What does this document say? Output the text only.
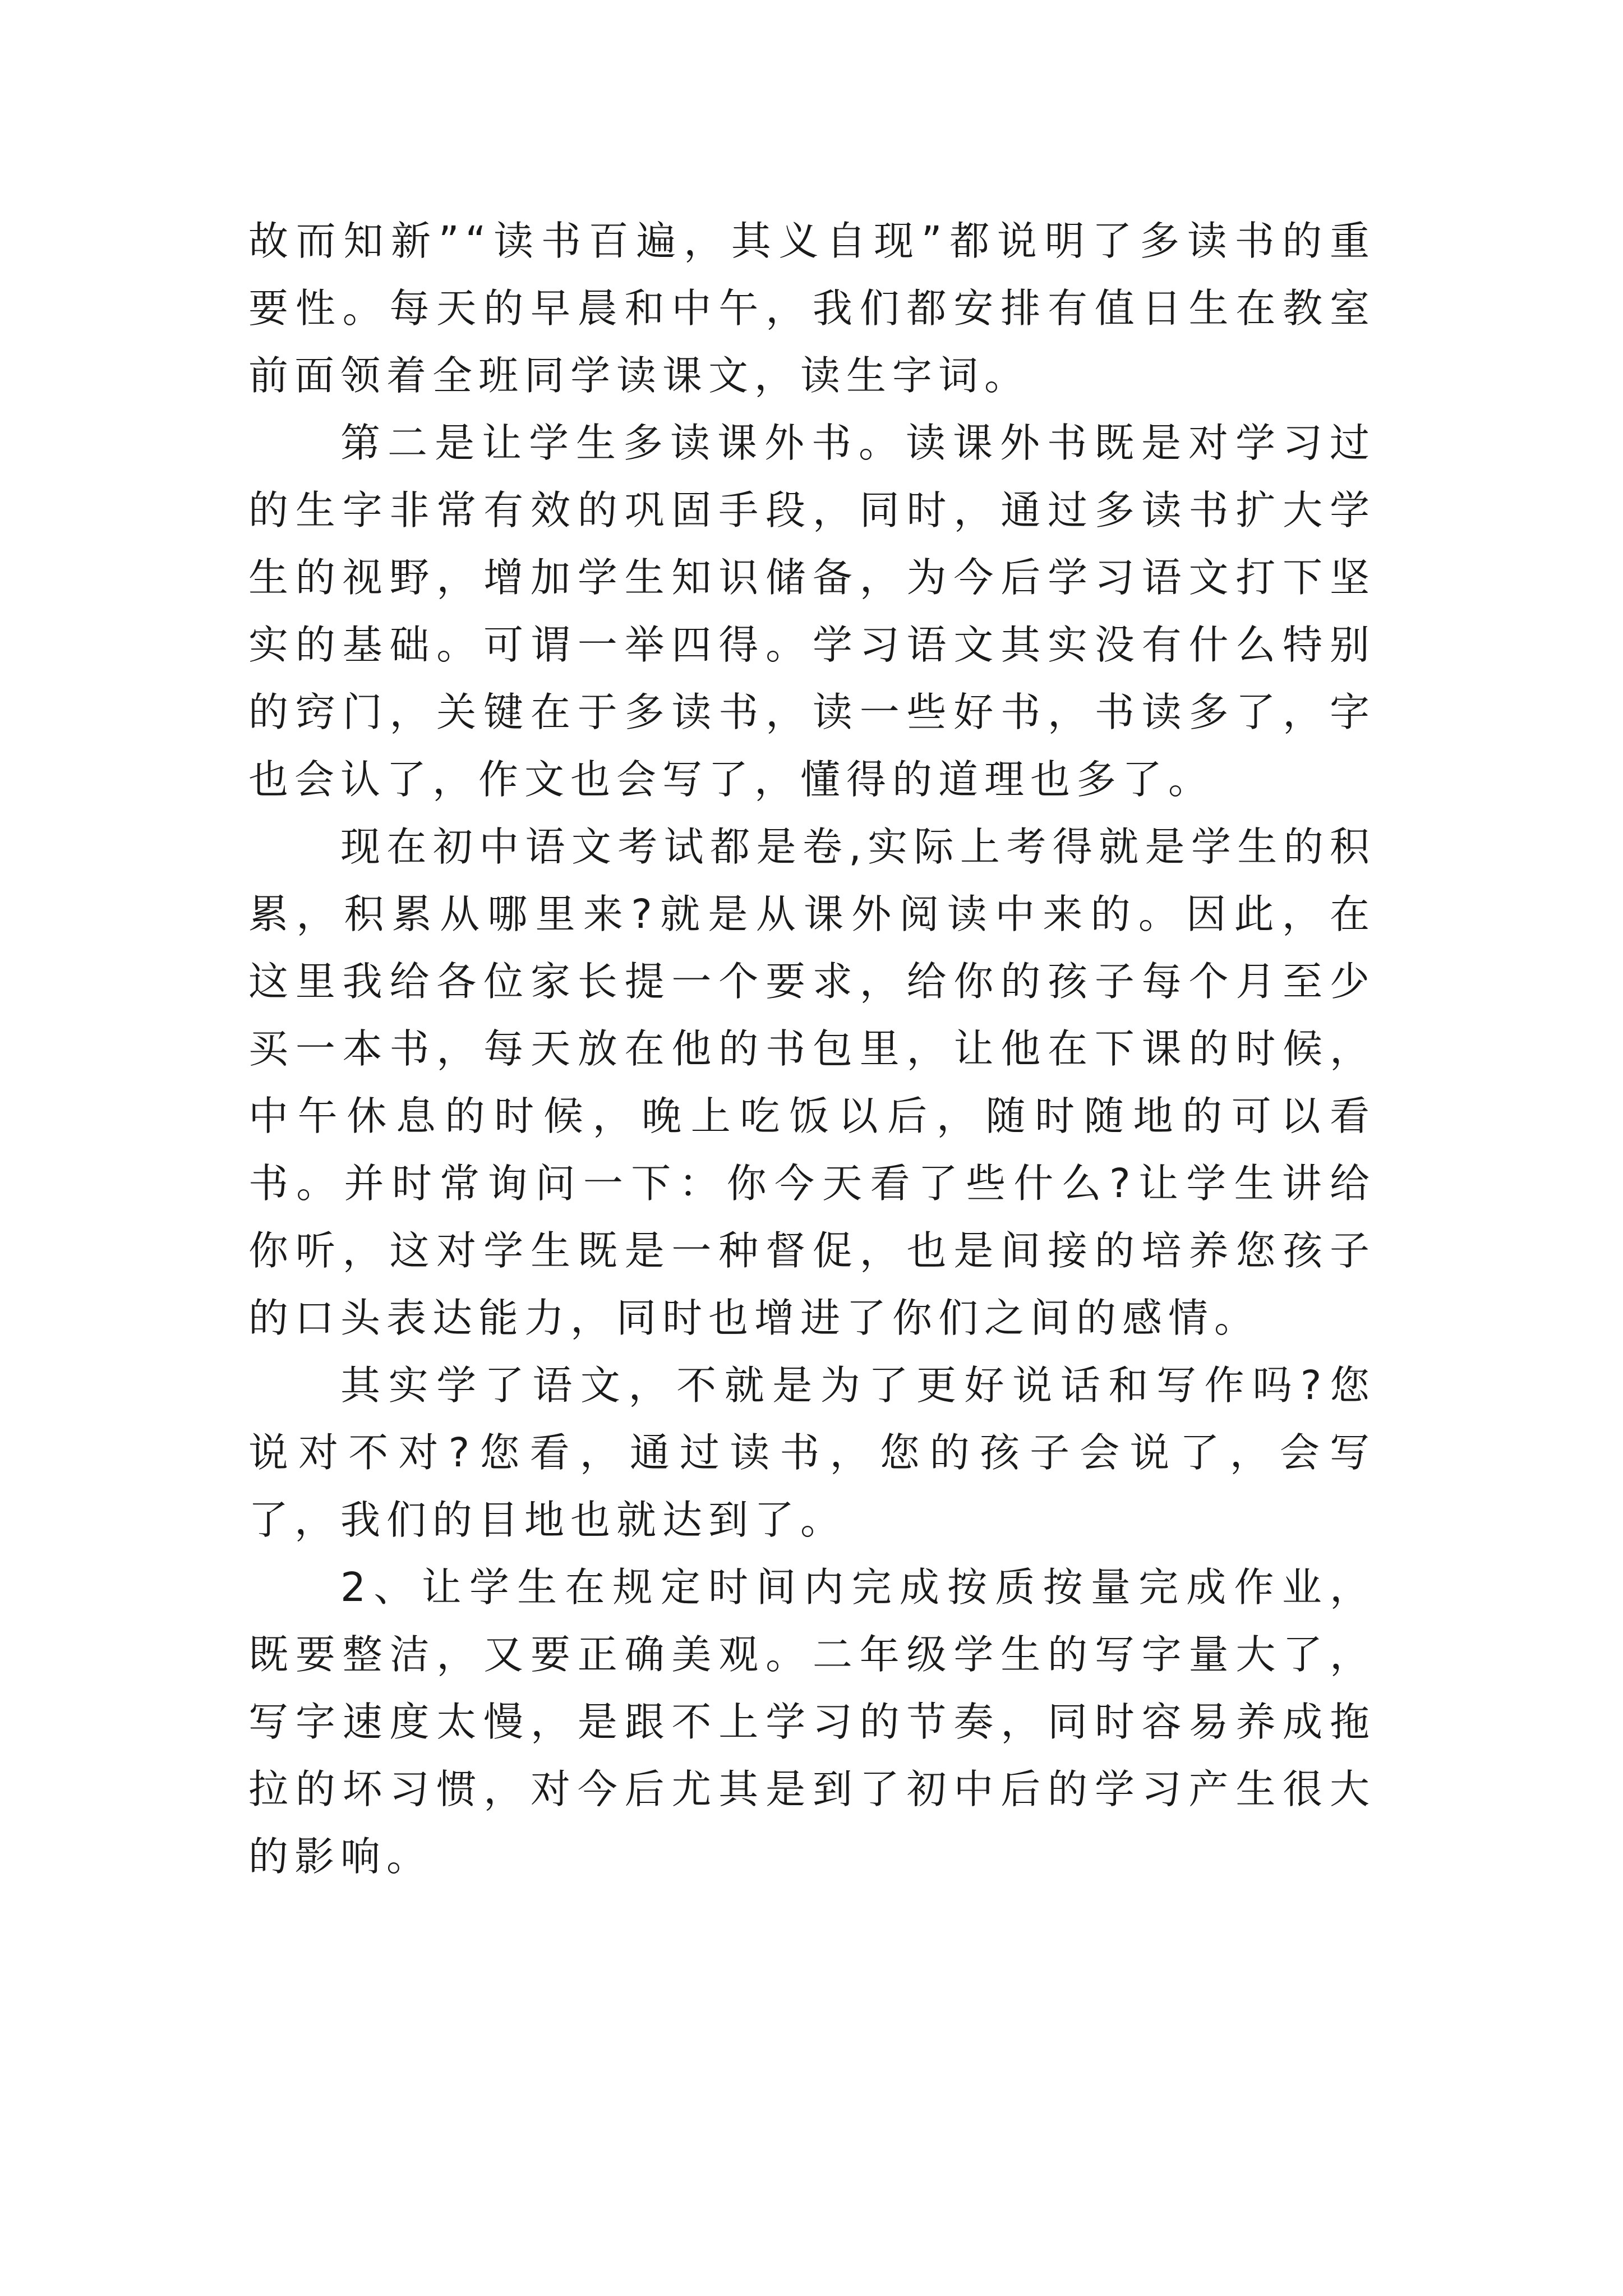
故而知新”“读书百遍，其义自现”都说明了多读书的重要性。每天的早晨和中午，我们都安排有值日生在教室前面领着全班同学读课文，读生字词。

第二是让学生多读课外书。读课外书既是对学习过的生字非常有效的巩固手段，同时，通过多读书扩大学生的视野，增加学生知识储备，为今后学习语文打下坚实的基础。可谓一举四得。学习语文其实没有什么特别的窍门，关键在于多读书，读一些好书，书读多了，字也会认了，作文也会写了，懂得的道理也多了。

现在初中语文考试都是卷,实际上考得就是学生的积累，积累从哪里来?就是从课外阅读中来的。因此，在这里我给各位家长提一个要求，给你的孩子每个月至少买一本书，每天放在他的书包里，让他在下课的时候，中午休息的时候，晚上吃饭以后，随时随地的可以看书。并时常询问一下：你今天看了些什么?让学生讲给你听，这对学生既是一种督促，也是间接的培养您孩子的口头表达能力，同时也增进了你们之间的感情。

其实学了语文，不就是为了更好说话和写作吗?您说对不对?您看，通过读书，您的孩子会说了，会写了，我们的目地也就达到了。

2、让学生在规定时间内完成按质按量完成作业，既要整洁，又要正确美观。二年级学生的写字量大了，写字速度太慢，是跟不上学习的节奏，同时容易养成拖拉的坏习惯，对今后尤其是到了初中后的学习产生很大的影响。
